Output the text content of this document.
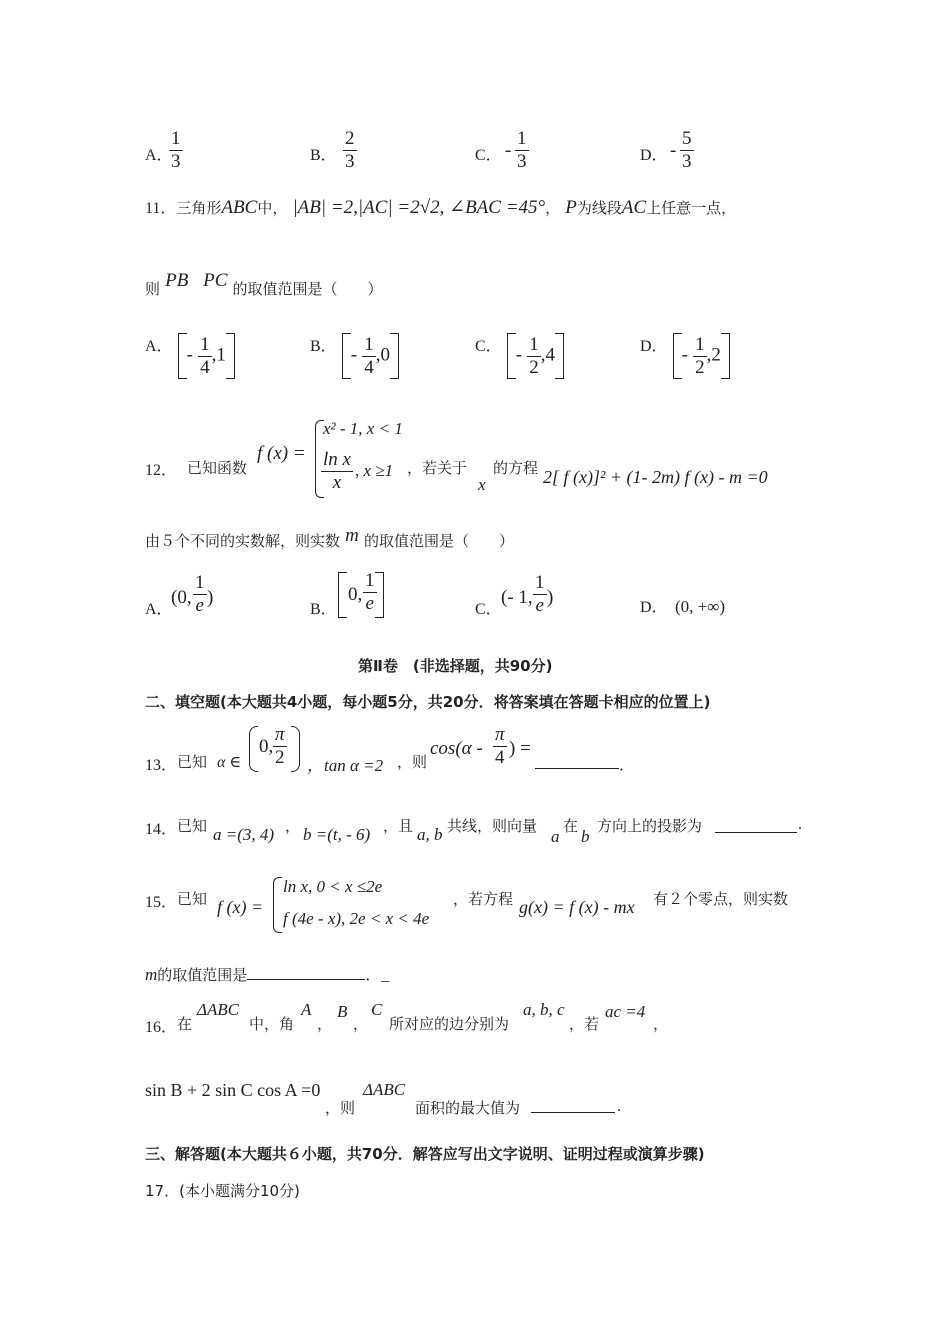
A．
$\frac{1}{3}$	B． $\frac{2}{3}$	C． - $\frac{1}{3}$	D． - $\frac{5}{3}$
11．三角形ABC中， |AB| =2,|AC| =2√2, ∠BAC =45°， P为线段AC上任意一点，
则 PB⃗PC 的取值范围是（　　）
A． - $\frac{1}{4} ,1$	B． - $\frac{1}{4} ,0$	C． - $\frac{1}{2} ,4$	D． - $\frac{1}{2} ,2$
12． 已知函数
f (x) =
x² - 1, x < 1
$\frac{\text{ln x}}{x}$ , x ≥1 ，若关于
x
的方程 2[ f (x)]² + (1- 2m) f (x) - m =0
由５个不同的实数解，则实数 m 的取值范围是（　　）
A．
(0, $\frac{1}{e}$ )
B．
0, $\frac{1}{e}$	C．
(- 1, $\frac{1}{e}$ )	D． (0, +∞)
第Ⅱ卷　(非选择题，共90分)
二、填空题(本大题共4小题，每小题5分，共20分．将答案填在答题卡相应的位置上)
13． 已知 α ∈
0, $\frac{\pi}{2}$ ，tan α =2 ，则
$\cos(\alpha - \frac{\pi}{4}$ ) =
．
14． 已知 a =(3, 4) ， b =(t, - 6) ，且 a, b 共线，则向量
a
在
b
方向上的投影为	.
15． 已知 f (x) =
ln x, 0 < x ≤2e
f (4e - x), 2e < x < 4e
，若方程 g(x) = f (x) - mx 有２个零点，则实数
m的取值范围是	．_
16． 在
ΔABC
中，角
A
，
B
，
C
所对应的边分别为
a, b, c
，若
ac =4
，
sin B + 2 sin C cos A =0
，则
ΔABC
面积的最大值为	.
三、解答题(本大题共６小题，共70分．解答应写出文字说明、证明过程或演算步骤)
17．(本小题满分10分)
